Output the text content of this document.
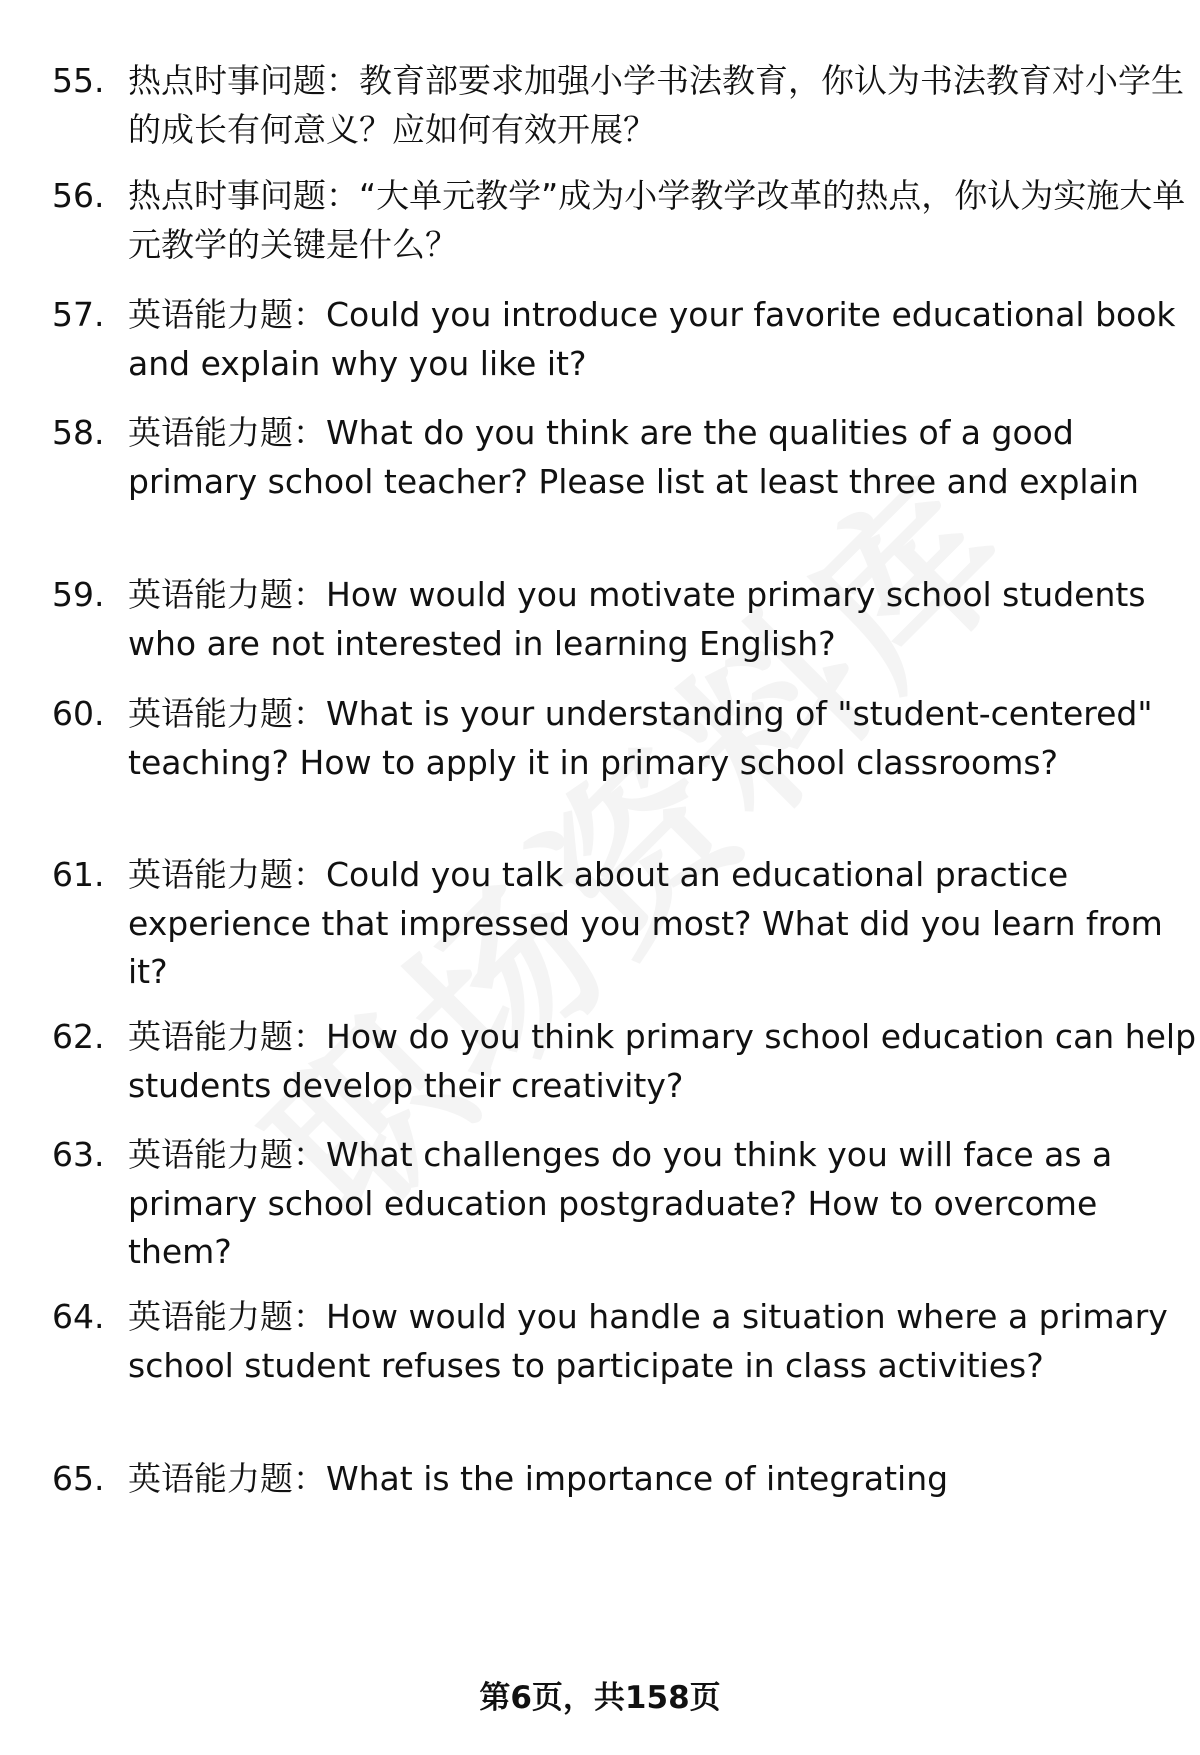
55. 热点时事问题：教育部要求加强小学书法教育，你认为书法教育对小学生的成长有何意义？应如何有效开展？
56. 热点时事问题：“大单元教学”成为小学教学改革的热点，你认为实施大单元教学的关键是什么？
57. 英语能力题：Could you introduce your favorite educational book and explain why you like it?
58. 英语能力题：What do you think are the qualities of a good primary school teacher? Please list at least three and explain
59. 英语能力题：How would you motivate primary school students who are not interested in learning English?
60. 英语能力题：What is your understanding of "student-centered" teaching? How to apply it in primary school classrooms?
61. 英语能力题：Could you talk about an educational practice experience that impressed you most? What did you learn from it?
62. 英语能力题：How do you think primary school education can help students develop their creativity?
63. 英语能力题：What challenges do you think you will face as a primary school education postgraduate? How to overcome them?
64. 英语能力题：How would you handle a situation where a primary school student refuses to participate in class activities?
65. 英语能力题：What is the importance of integrating
第6页，共158页
